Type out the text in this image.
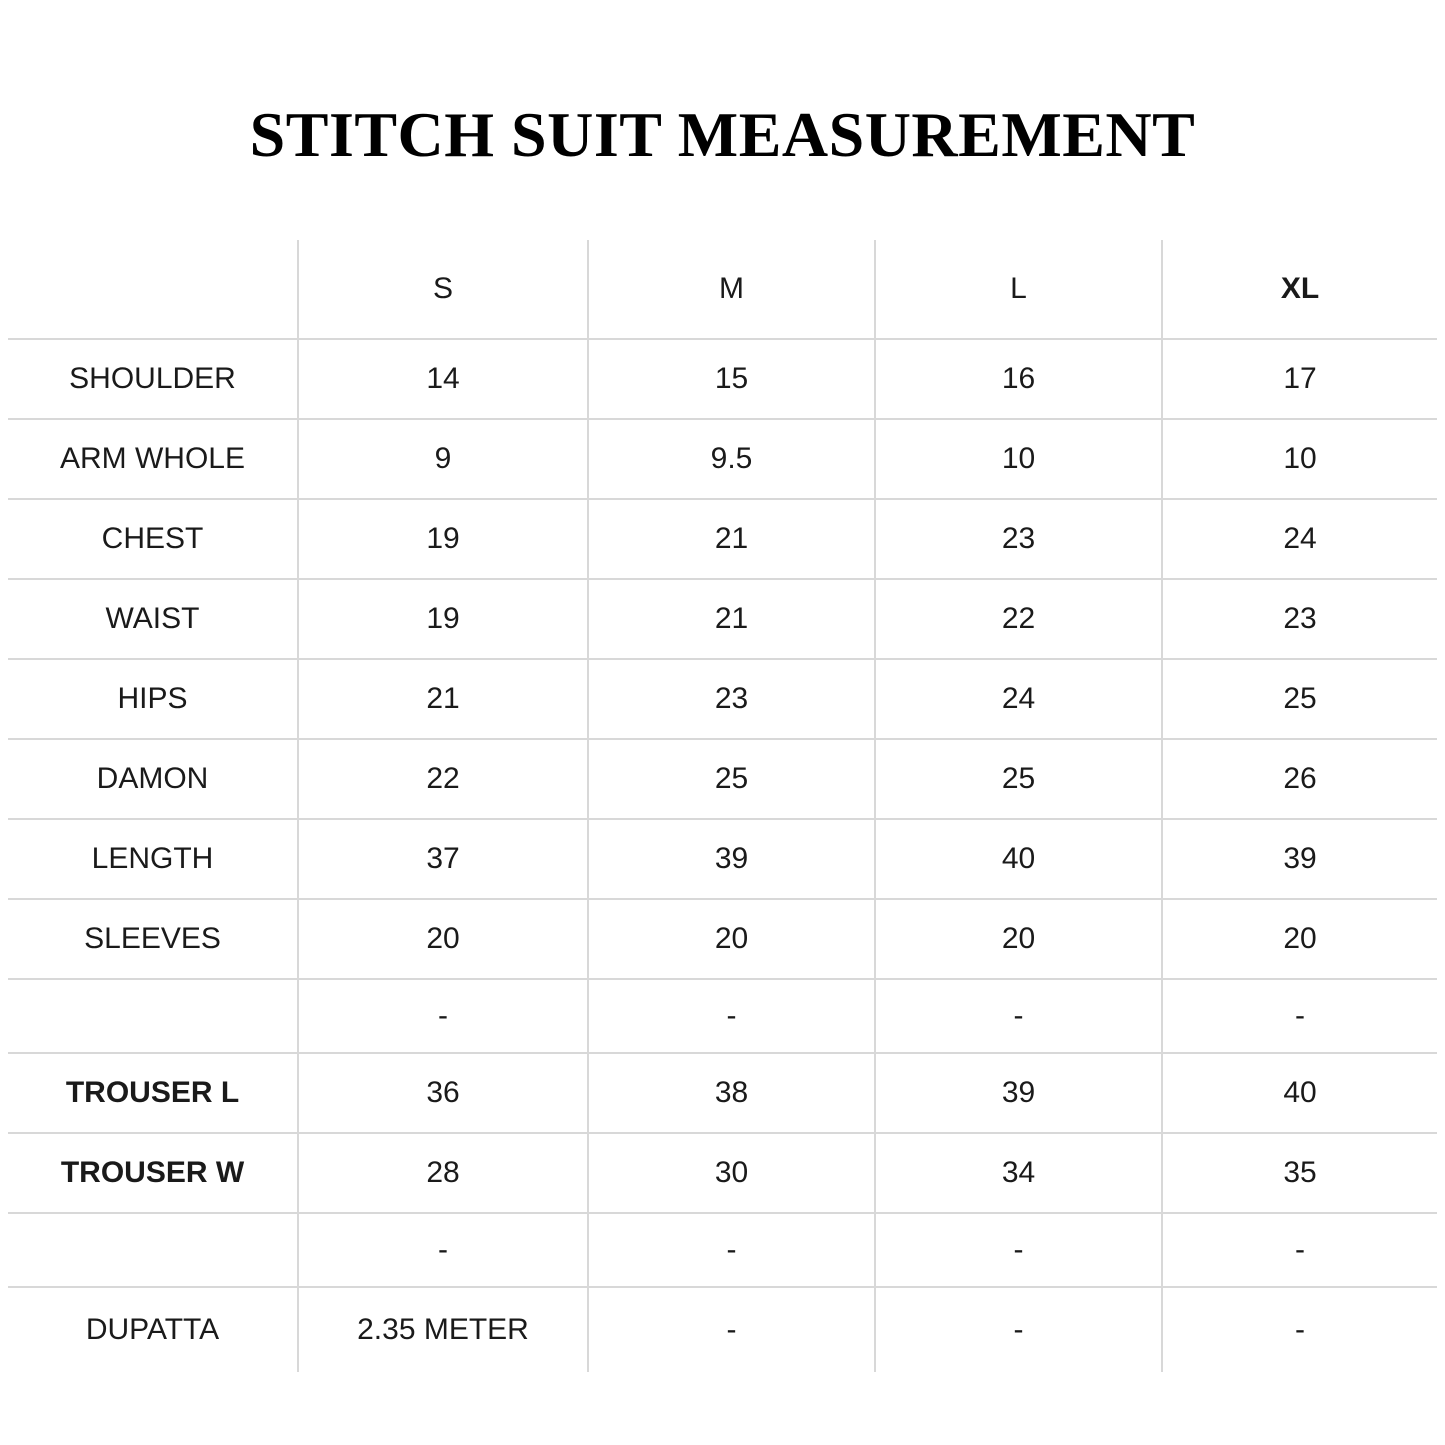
STITCH SUIT MEASUREMENT
	S	M	L	XL
SHOULDER	14	15	16	17
ARM WHOLE	9	9.5	10	10
CHEST	19	21	23	24
WAIST	19	21	22	23
HIPS	21	23	24	25
DAMON	22	25	25	26
LENGTH	37	39	40	39
SLEEVES	20	20	20	20
	-	-	-	-
TROUSER L	36	38	39	40
TROUSER W	28	30	34	35
	-	-	-	-
DUPATTA	2.35 METER	-	-	-
